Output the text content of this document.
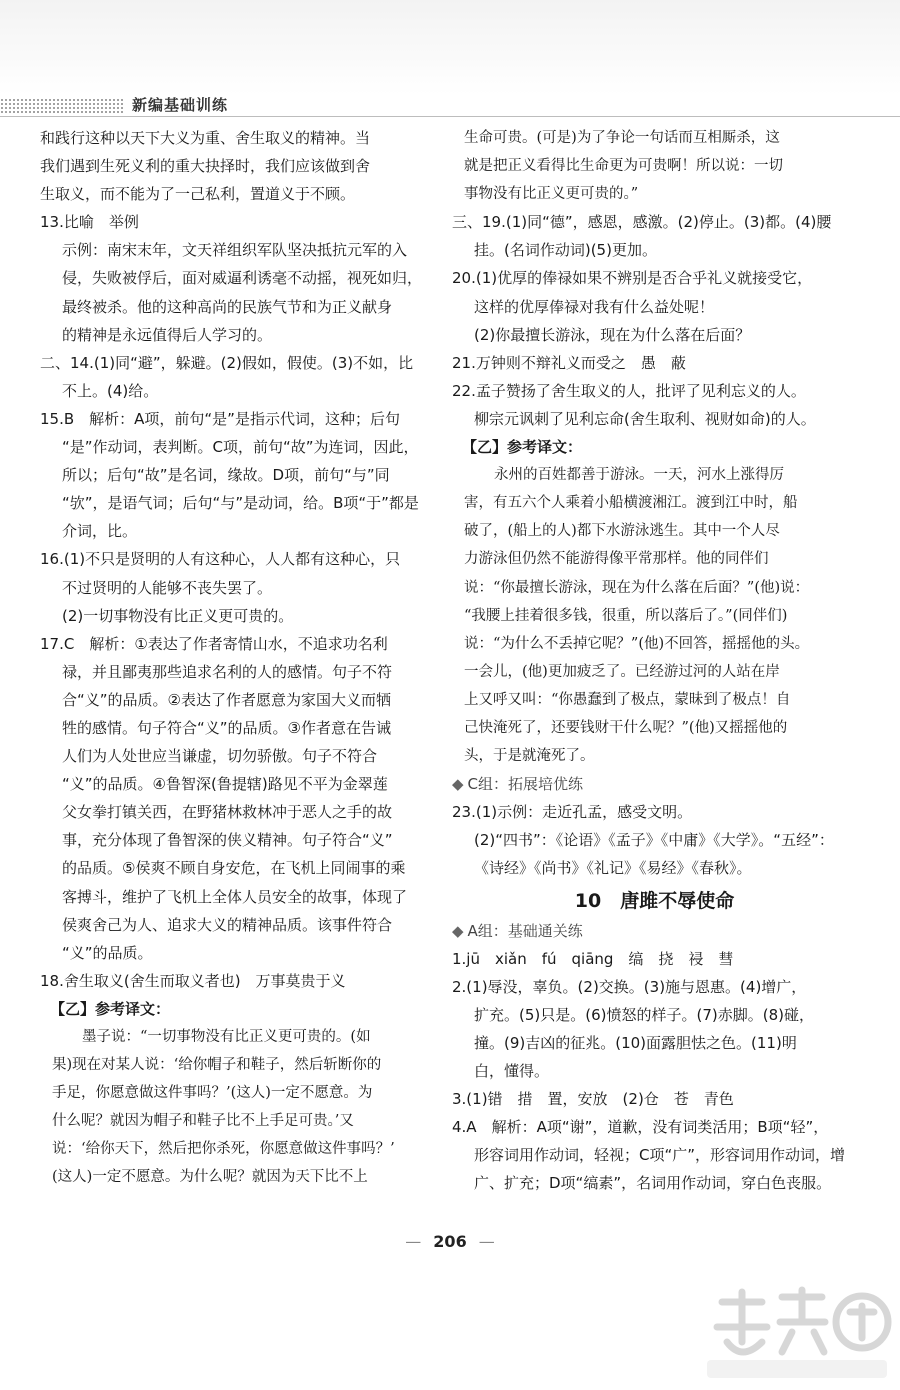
新编基础训练
和践行这种以天下大义为重、舍生取义的精神。当
我们遇到生死义利的重大抉择时，我们应该做到舍
生取义，而不能为了一己私利，置道义于不顾。
13.比喻　举例
示例：南宋末年，文天祥组织军队坚决抵抗元军的入
侵，失败被俘后，面对威逼利诱毫不动摇，视死如归，
最终被杀。他的这种高尚的民族气节和为正义献身
的精神是永远值得后人学习的。
二、14.(1)同“避”，躲避。(2)假如，假使。(3)不如，比
不上。(4)给。
15.B　解析：A项，前句“是”是指示代词，这种；后句
“是”作动词，表判断。C项，前句“故”为连词，因此，
所以；后句“故”是名词，缘故。D项，前句“与”同
“欤”，是语气词；后句“与”是动词，给。B项“于”都是
介词，比。
16.(1)不只是贤明的人有这种心，人人都有这种心，只
不过贤明的人能够不丧失罢了。
(2)一切事物没有比正义更可贵的。
17.C　解析：①表达了作者寄情山水，不追求功名利
禄，并且鄙夷那些追求名利的人的感情。句子不符
合“义”的品质。②表达了作者愿意为家国大义而牺
牲的感情。句子符合“义”的品质。③作者意在告诫
人们为人处世应当谦虚，切勿骄傲。句子不符合
“义”的品质。④鲁智深(鲁提辖)路见不平为金翠莲
父女拳打镇关西，在野猪林救林冲于恶人之手的故
事，充分体现了鲁智深的侠义精神。句子符合“义”
的品质。⑤侯爽不顾自身安危，在飞机上同闹事的乘
客搏斗，维护了飞机上全体人员安全的故事，体现了
侯爽舍己为人、追求大义的精神品质。该事件符合
“义”的品质。
18.舍生取义(舍生而取义者也)　万事莫贵于义
【乙】参考译文：
墨子说：“一切事物没有比正义更可贵的。(如
果)现在对某人说：‘给你帽子和鞋子，然后斩断你的
手足，你愿意做这件事吗？’(这人)一定不愿意。为
什么呢？就因为帽子和鞋子比不上手足可贵。’又
说：‘给你天下，然后把你杀死，你愿意做这件事吗？’
(这人)一定不愿意。为什么呢？就因为天下比不上
生命可贵。(可是)为了争论一句话而互相厮杀，这
就是把正义看得比生命更为可贵啊！所以说：一切
事物没有比正义更可贵的。”
三、19.(1)同“德”，感恩，感激。(2)停止。(3)都。(4)腰
挂。(名词作动词)(5)更加。
20.(1)优厚的俸禄如果不辨别是否合乎礼义就接受它，
这样的优厚俸禄对我有什么益处呢！
(2)你最擅长游泳，现在为什么落在后面？
21.万钟则不辩礼义而受之　愚　蔽
22.孟子赞扬了舍生取义的人，批评了见利忘义的人。
柳宗元讽刺了见利忘命(舍生取利、视财如命)的人。
【乙】参考译文：
永州的百姓都善于游泳。一天，河水上涨得厉
害，有五六个人乘着小船横渡湘江。渡到江中时，船
破了，(船上的人)都下水游泳逃生。其中一个人尽
力游泳但仍然不能游得像平常那样。他的同伴们
说：“你最擅长游泳，现在为什么落在后面？”(他)说：
“我腰上挂着很多钱，很重，所以落后了。”(同伴们)
说：“为什么不丢掉它呢？”(他)不回答，摇摇他的头。
一会儿，(他)更加疲乏了。已经游过河的人站在岸
上又呼又叫：“你愚蠢到了极点，蒙昧到了极点！自
己快淹死了，还要钱财干什么呢？”(他)又摇摇他的
头，于是就淹死了。
◆ C组：拓展培优练
23.(1)示例：走近孔孟，感受文明。
(2)“四书”：《论语》《孟子》《中庸》《大学》。“五经”：
《诗经》《尚书》《礼记》《易经》《春秋》。
10　唐雎不辱使命
◆ A组：基础通关练
1.jū　xiǎn　fú　qiāng　缟　挠　祲　彗
2.(1)辱没，辜负。(2)交换。(3)施与恩惠。(4)增广，
扩充。(5)只是。(6)愤怒的样子。(7)赤脚。(8)碰，
撞。(9)吉凶的征兆。(10)面露胆怯之色。(11)明
白，懂得。
3.(1)错　措　置，安放　(2)仓　苍　青色
4.A　解析：A项“谢”，道歉，没有词类活用；B项“轻”，
形容词用作动词，轻视；C项“广”，形容词用作动词，增
广、扩充；D项“缟素”，名词用作动词，穿白色丧服。
— 206 —
